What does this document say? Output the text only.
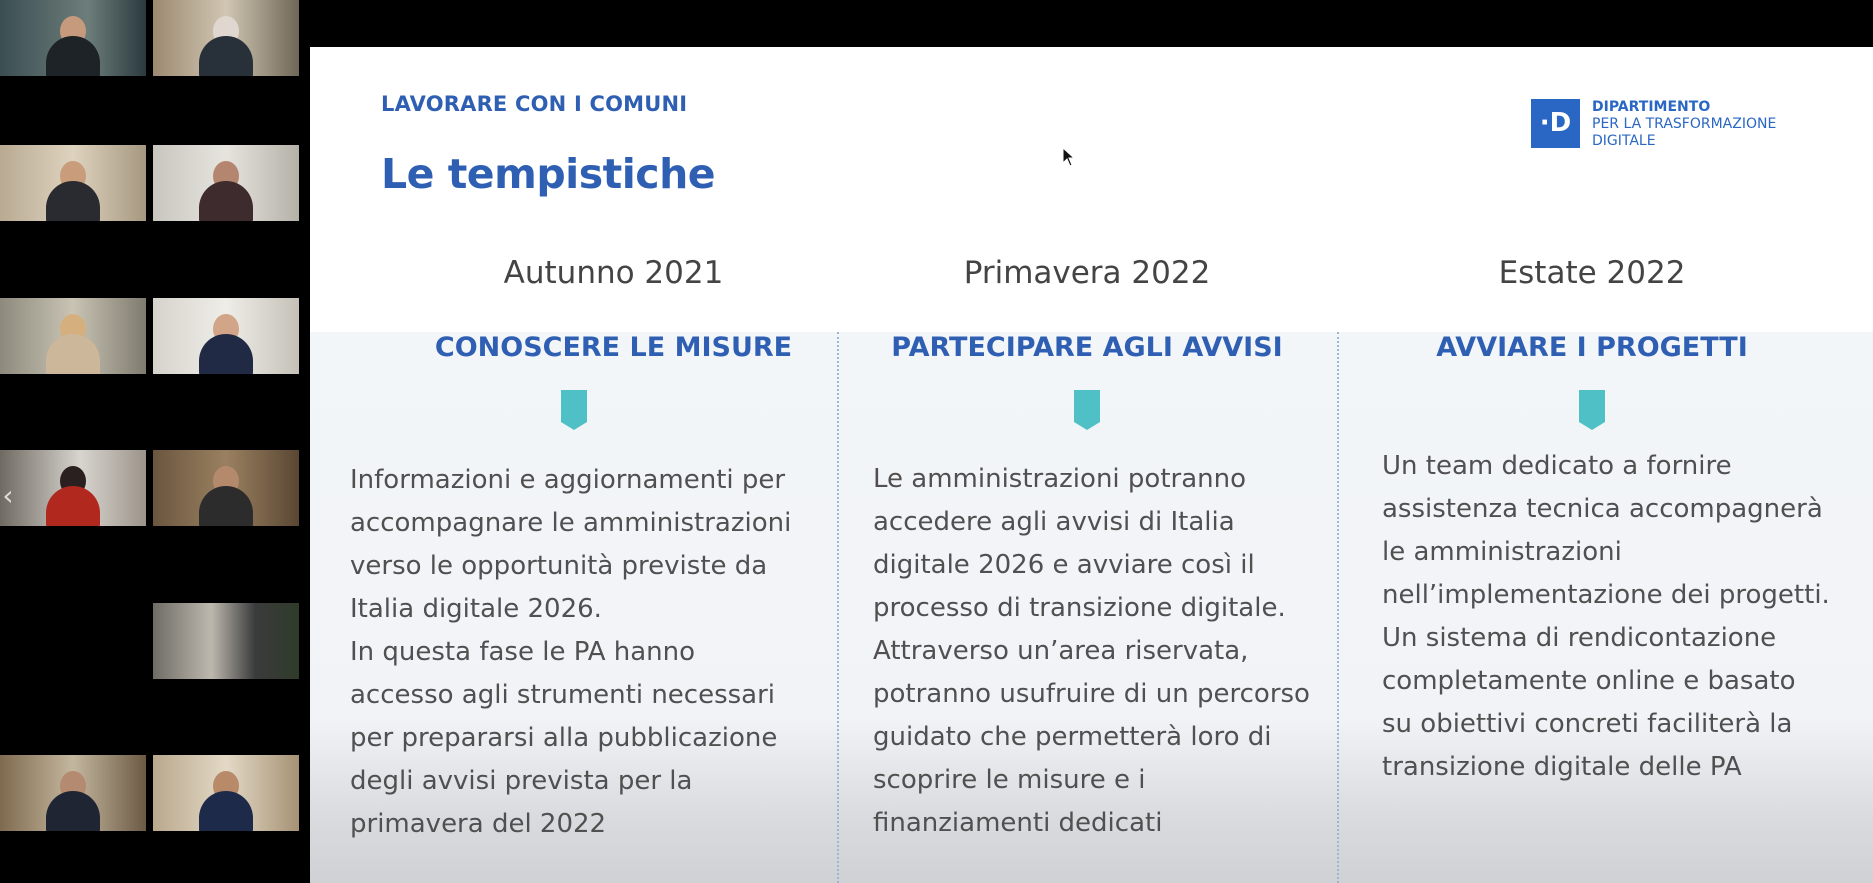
‹
LAVORARE CON I COMUNI
Le tempistiche
·D
DIPARTIMENTO
PER LA TRASFORMAZIONE
DIGITALE
Autunno 2021
CONOSCERE LE MISURE
Informazioni e aggiornamenti per
accompagnare le amministrazioni
verso le opportunità previste da
Italia digitale 2026.
In questa fase le PA hanno
accesso agli strumenti necessari
per prepararsi alla pubblicazione
degli avvisi prevista per la
primavera del 2022
Primavera 2022
PARTECIPARE AGLI AVVISI
Le amministrazioni potranno
accedere agli avvisi di Italia
digitale 2026 e avviare così il
processo di transizione digitale.
Attraverso un’area riservata,
potranno usufruire di un percorso
guidato che permetterà loro di
scoprire le misure e i
finanziamenti dedicati
Estate 2022
AVVIARE I PROGETTI
Un team dedicato a fornire
assistenza tecnica accompagnerà
le amministrazioni
nell’implementazione dei progetti.
Un sistema di rendicontazione
completamente online e basato
su obiettivi concreti faciliterà la
transizione digitale delle PA
